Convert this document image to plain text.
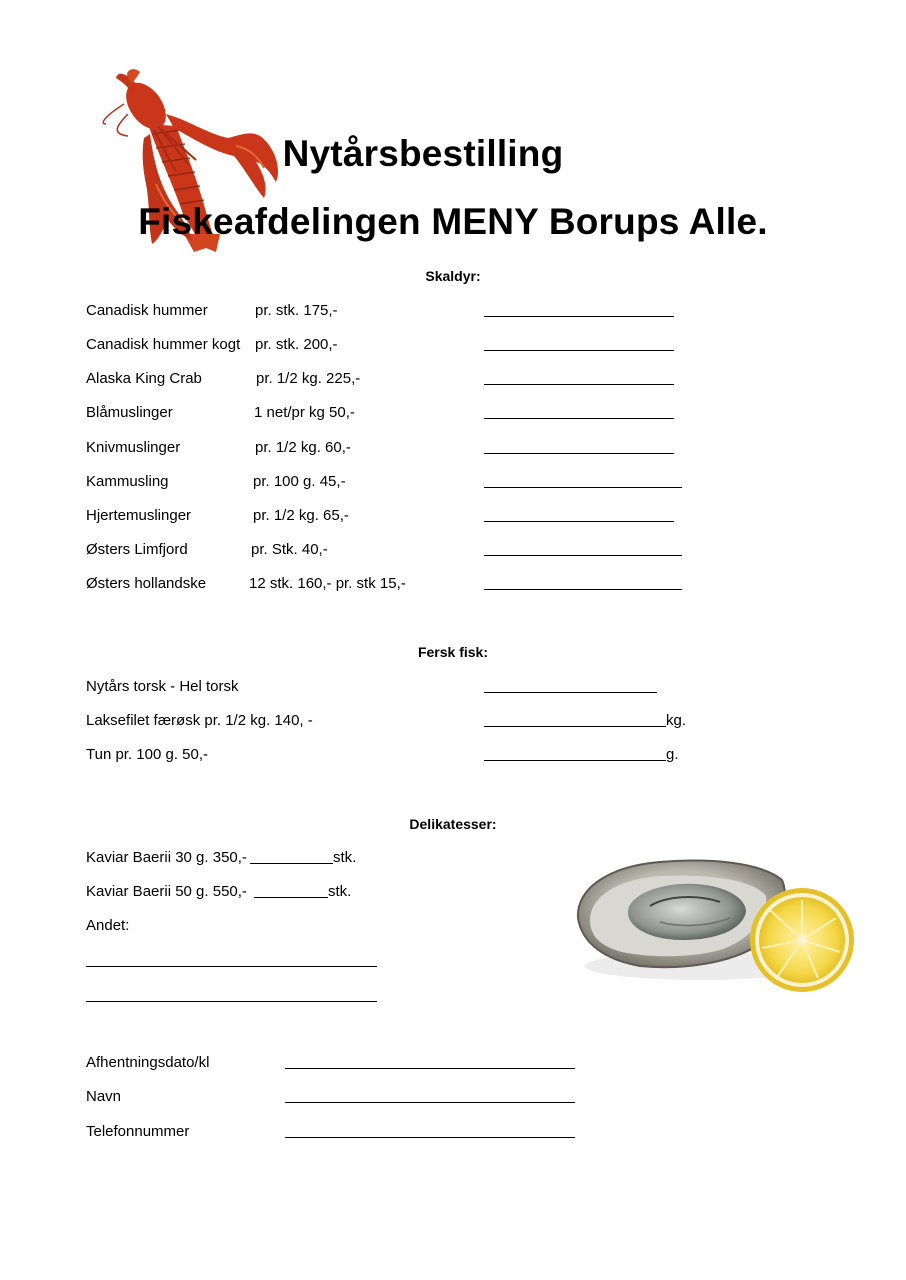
Nytårsbestilling
Fiskeafdelingen MENY Borups Alle.
Skaldyr:
Canadisk hummer	pr. stk. 175,-
Canadisk hummer kogt pr. stk. 200,-
Alaska King Crab	pr. 1/2 kg. 225,-
Blåmuslinger	1 net/pr kg 50,-
Knivmuslinger	pr. 1/2 kg. 60,-
Kammusling	pr. 100 g. 45,-
Hjertemuslinger	pr. 1/2 kg. 65,-
Østers Limfjord	pr. Stk. 40,-
Østers hollandske	12 stk. 160,- pr. stk 15,-
Fersk fisk:
Nytårs torsk - Hel torsk
Laksefilet færøsk pr. 1/2 kg. 140, -	kg.
Tun pr. 100 g. 50,-	g.
Delikatesser:
Kaviar Baerii 30 g. 350,-	stk.
Kaviar Baerii 50 g. 550,-	stk.
Andet:
Afhentningsdato/kl
Navn
Telefonnummer
